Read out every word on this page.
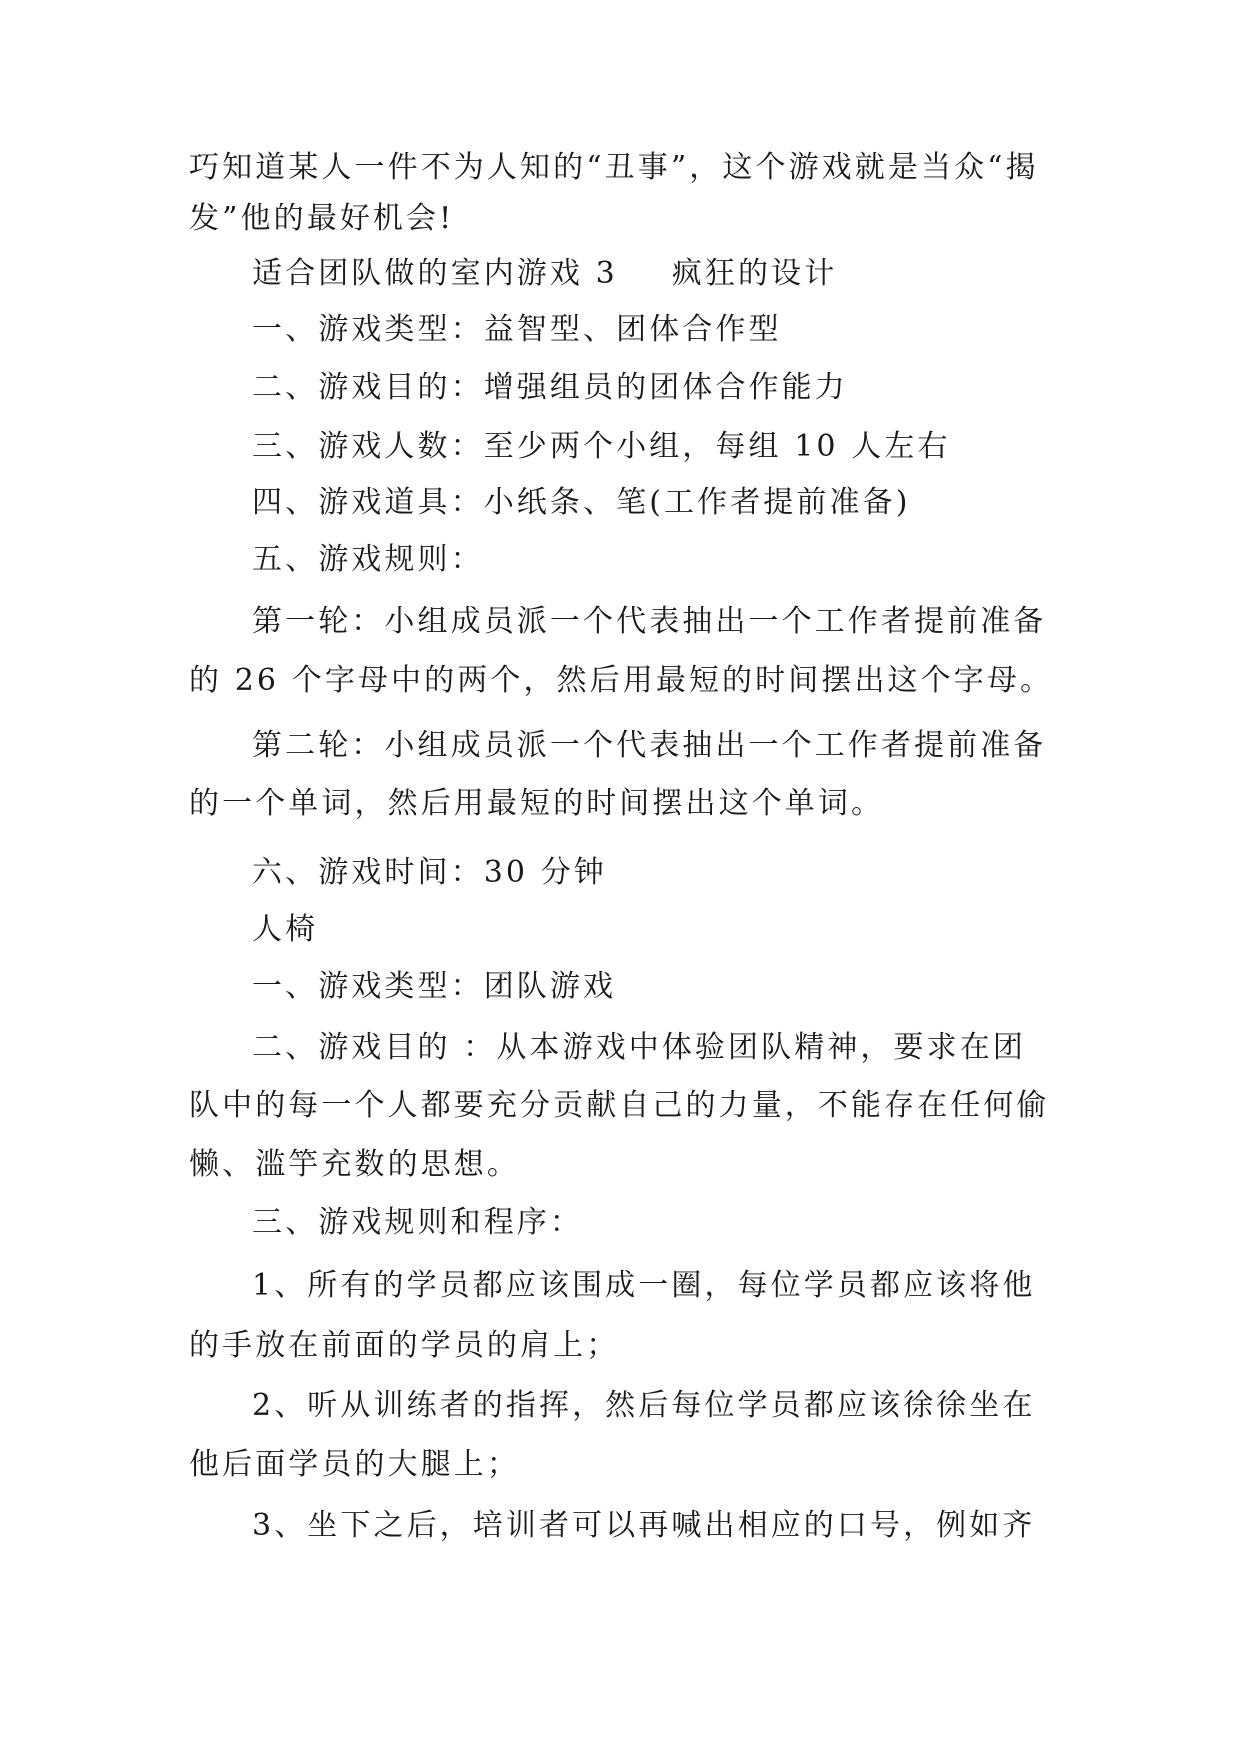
巧知道某人一件不为人知的“丑事”，这个游戏就是当众“揭
发”他的最好机会!
适合团队做的室内游戏 3 疯狂的设计
一、游戏类型：益智型、团体合作型
二、游戏目的：增强组员的团体合作能力
三、游戏人数：至少两个小组，每组 10 人左右
四、游戏道具：小纸条、笔(工作者提前准备)
五、游戏规则：
第一轮：小组成员派一个代表抽出一个工作者提前准备
的 26 个字母中的两个，然后用最短的时间摆出这个字母。
第二轮：小组成员派一个代表抽出一个工作者提前准备
的一个单词，然后用最短的时间摆出这个单词。
六、游戏时间：30 分钟
人椅
一、游戏类型：团队游戏
二、游戏目的 ：从本游戏中体验团队精神，要求在团
队中的每一个人都要充分贡献自己的力量，不能存在任何偷
懒、滥竽充数的思想。
三、游戏规则和程序：
1、所有的学员都应该围成一圈，每位学员都应该将他
的手放在前面的学员的肩上；
2、听从训练者的指挥，然后每位学员都应该徐徐坐在
他后面学员的大腿上；
3、坐下之后，培训者可以再喊出相应的口号，例如齐
